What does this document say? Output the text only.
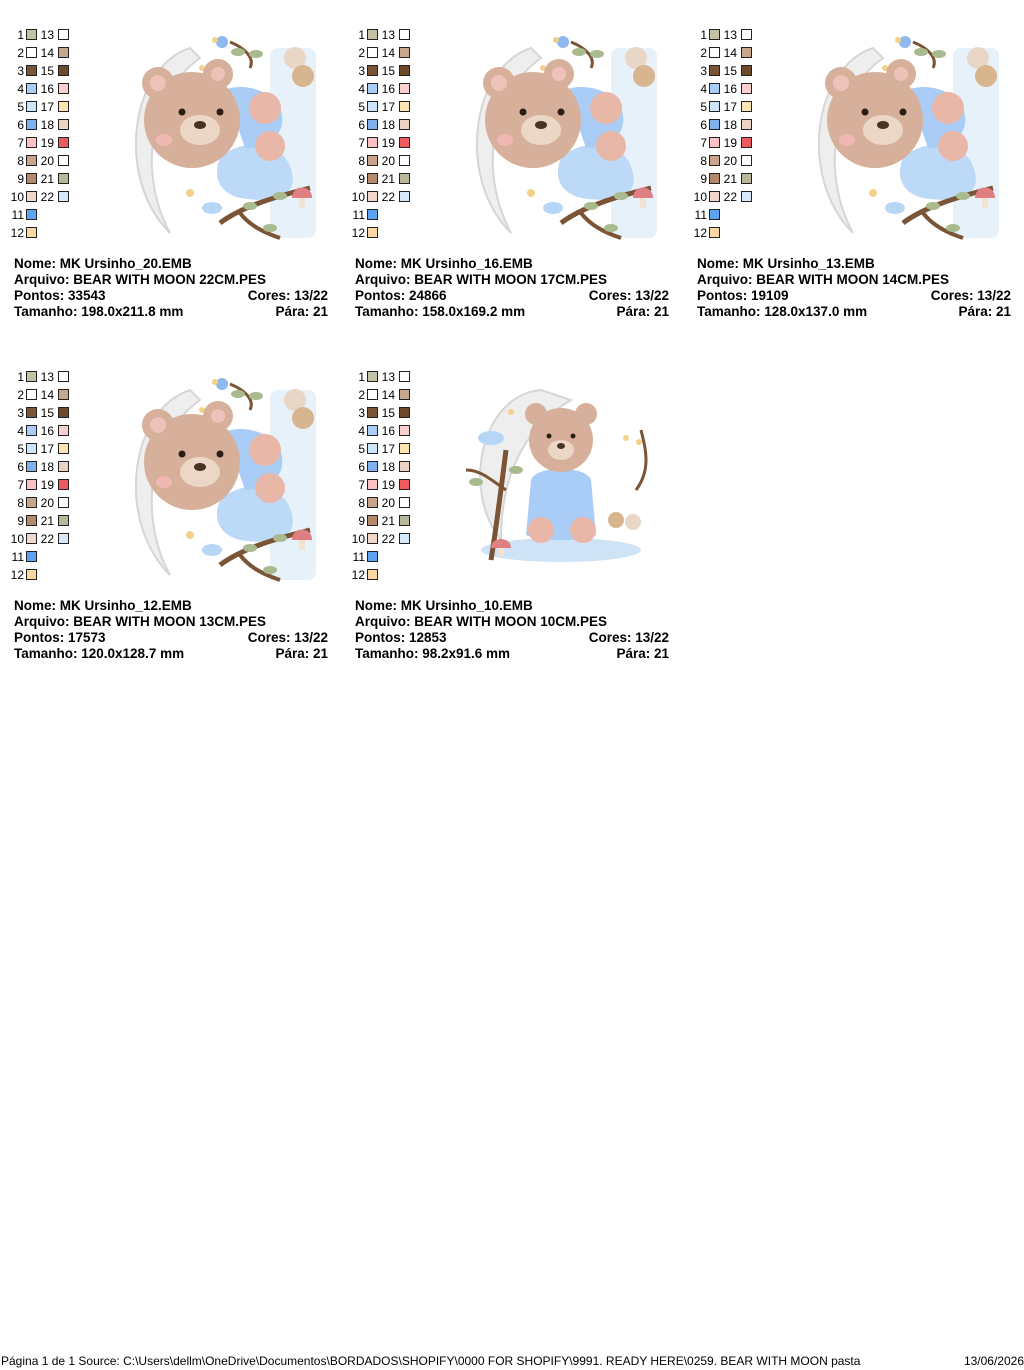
1 13
2 14
3 15
4 16
5 17
6 18
7 19
8 20
9 21
10 22
11
12
Nome: MK Ursinho_20.EMB
Arquivo: BEAR WITH MOON 22CM.PES
Pontos: 33543	Cores: 13/22
Tamanho: 198.0x211.8 mm	Pára: 21
1 13
2 14
3 15
4 16
5 17
6 18
7 19
8 20
9 21
10 22
11
12
Nome: MK Ursinho_16.EMB
Arquivo: BEAR WITH MOON 17CM.PES
Pontos: 24866	Cores: 13/22
Tamanho: 158.0x169.2 mm	Pára: 21
1 13
2 14
3 15
4 16
5 17
6 18
7 19
8 20
9 21
10 22
11
12
Nome: MK Ursinho_13.EMB
Arquivo: BEAR WITH MOON 14CM.PES
Pontos: 19109	Cores: 13/22
Tamanho: 128.0x137.0 mm	Pára: 21
1 13
2 14
3 15
4 16
5 17
6 18
7 19
8 20
9 21
10 22
11
12
Nome: MK Ursinho_12.EMB
Arquivo: BEAR WITH MOON 13CM.PES
Pontos: 17573	Cores: 13/22
Tamanho: 120.0x128.7 mm	Pára: 21
1 13
2 14
3 15
4 16
5 17
6 18
7 19
8 20
9 21
10 22
11
12
Nome: MK Ursinho_10.EMB
Arquivo: BEAR WITH MOON 10CM.PES
Pontos: 12853	Cores: 13/22
Tamanho: 98.2x91.6 mm	Pára: 21
Página 1 de 1 Source: C:\Users\dellm\OneDrive\Documentos\BORDADOS\SHOPIFY\0000 FOR SHOPIFY\9991. READY HERE\0259. BEAR WITH MOON pasta	13/06/2026
